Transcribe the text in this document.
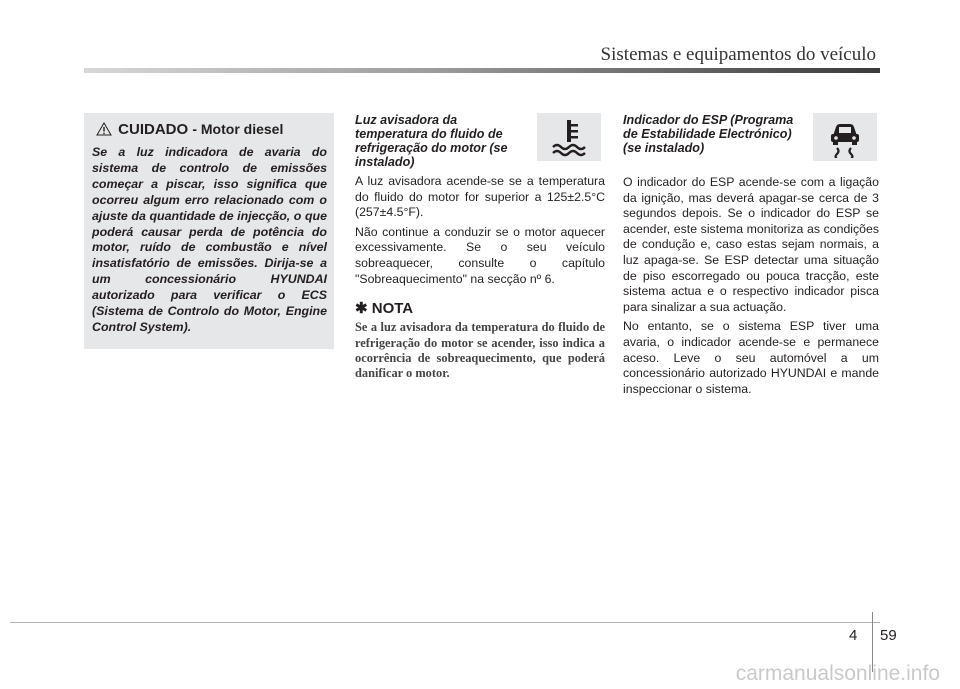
Sistemas e equipamentos do veículo
CUIDADO - Motor diesel
Se a luz indicadora de avaria do sistema de controlo de emissões começar a piscar, isso significa que ocorreu algum erro relacionado com o ajuste da quantidade de injecção, o que poderá causar perda de potência do motor, ruído de combustão e nível insatisfatório de emissões. Dirija-se a um concessionário HYUNDAI autorizado para verificar o ECS (Sistema de Controlo do Motor, Engine Control System).
Luz avisadora da temperatura do fluido de refrigeração do motor (se instalado)

A luz avisadora acende-se se a temperatura do fluido do motor for superior a 125±2.5°C (257±4.5°F).

Não continue a conduzir se o motor aquecer excessivamente. Se o seu veículo sobreaquecer, consulte o capítulo "Sobreaquecimento" na secção nº 6.

✱ NOTA
Se a luz avisadora da temperatura do fluido de refrigeração do motor se acender, isso indica a ocorrência de sobreaquecimento, que poderá danificar o motor.
Indicador do ESP (Programa de Estabilidade Electrónico) (se instalado)

O indicador do ESP acende-se com a ligação da ignição, mas deverá apagar-se cerca de 3 segundos depois. Se o indicador do ESP se acender, este sistema monitoriza as condições de condução e, caso estas sejam normais, a luz apaga-se. Se ESP detectar uma situação de piso escorregado ou pouca tracção, este sistema actua e o respectivo indicador pisca para sinalizar a sua actuação.

No entanto, se o sistema ESP tiver uma avaria, o indicador acende-se e permanece aceso. Leve o seu automóvel a um concessionário autorizado HYUNDAI e mande inspeccionar o sistema.

4 59
carmanualsonline.info
